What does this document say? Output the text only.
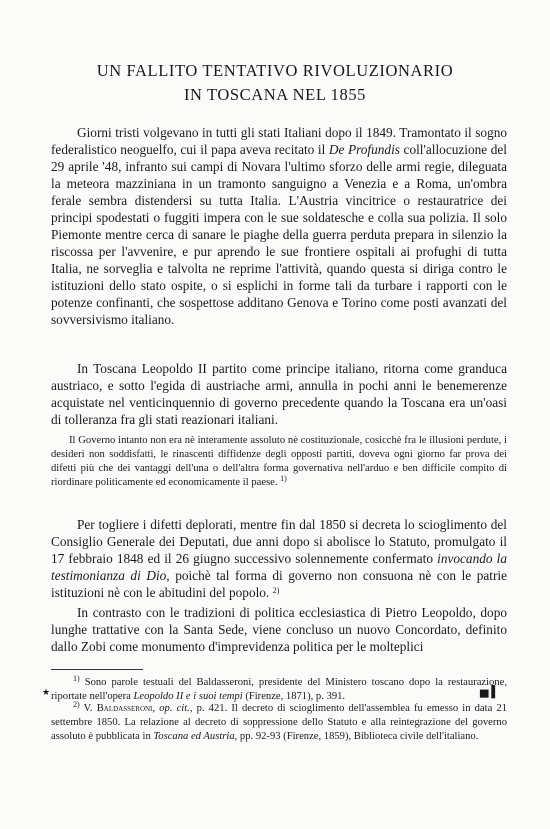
UN FALLITO TENTATIVO RIVOLUZIONARIO
IN TOSCANA NEL 1855

Giorni tristi volgevano in tutti gli stati Italiani dopo il 1849. Tramontato il sogno federalistico neoguelfo, cui il papa aveva recitato il De Profundis coll'allocuzione del 29 aprile '48, infranto sui campi di Novara l'ultimo sforzo delle armi regie, dileguata la meteora mazziniana in un tramonto sanguigno a Venezia e a Roma, un'ombra ferale sembra distendersi su tutta Italia. L'Austria vincitrice o restauratrice dei principi spodestati o fuggiti impera con le sue soldatesche e colla sua polizia. Il solo Piemonte mentre cerca di sanare le piaghe della guerra perduta prepara in silenzio la riscossa per l'avvenire, e pur aprendo le sue frontiere ospitali ai profughi di tutta Italia, ne sorveglia e talvolta ne reprime l'attività, quando questa si diriga contro le istituzioni dello stato ospite, o si esplichi in forme tali da turbare i rapporti con le potenze confinanti, che sospettose additano Genova e Torino come posti avanzati del sovversivismo italiano.

In Toscana Leopoldo II partito come principe italiano, ritorna come granduca austriaco, e sotto l'egida di austriache armi, annulla in pochi anni le benemerenze acquistate nel venticinquennio di governo precedente quando la Toscana era un'oasi di tolleranza fra gli stati reazionari italiani.

Il Governo intanto non era nè interamente assoluto nè costituzionale, cosicchè fra le illusioni perdute, i desideri non soddisfatti, le rinascenti diffidenze degli opposti partiti, doveva ogni giorno far prova dei difetti più che dei vantaggi dell'una o dell'altra forma governativa nell'arduo e ben difficile compito di riordinare politicamente ed economicamente il paese. $^{1)}$

Per togliere i difetti deplorati, mentre fin dal 1850 si decreta lo scioglimento del Consiglio Generale dei Deputati, due anni dopo si abolisce lo Statuto, promulgato il 17 febbraio 1848 ed il 26 giugno successivo solennemente confermato invocando la testimonianza di Dio, poichè tal forma di governo non consuona nè con le patrie istituzioni nè con le abitudini del popolo. $^{2)}$

In contrasto con le tradizioni di politica ecclesiastica di Pietro Leopoldo, dopo lunghe trattative con la Santa Sede, viene concluso un nuovo Concordato, definito dallo Zobi come monumento d'imprevidenza politica per le molteplici

$^{1)}$ Sono parole testuali del Baldasseroni, presidente del Ministero toscano dopo la restaurazione, riportate nell'opera Leopoldo II e i suoi tempi (Firenze, 1871), p. 391.

$^{2)}$ V. Baldasseroni, op. cit., p. 421. Il decreto di scioglimento dell'assemblea fu emesso in data 21 settembre 1850. La relazione al decreto di soppressione dello Statuto e alla reintegrazione del governo assoluto è pubblicata in Toscana ed Austria, pp. 92-93 (Firenze, 1859), Biblioteca civile dell'italiano.

★	▅ ▌
